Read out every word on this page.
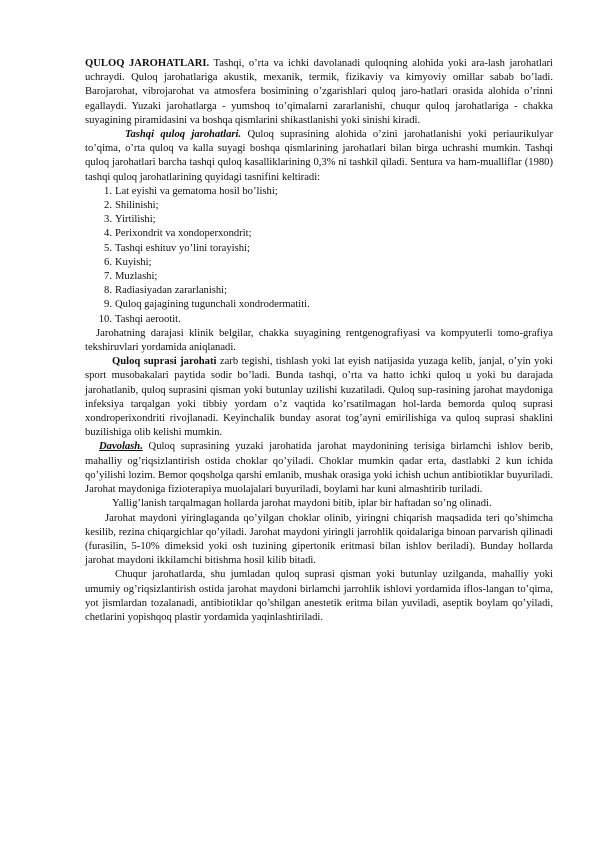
QULOQ JAROHATLARI. Tashqi, o’rta va ichki davolanadi quloqning alohida yoki ara-lash jarohatlari uchraydi. Quloq jarohatlariga akustik, mexanik, termik, fizikaviy va kimyoviy omillar sabab bo’ladi. Barojarohat, vibrojarohat va atmosfera bosimining o’zgarishlari quloq jaro-hatlari orasida alohida o’rinni egallaydi. Yuzaki jarohatlarga - yumshoq to’qimalarni zararlanishi, chuqur quloq jarohatlariga - chakka suyagining piramidasini va boshqa qismlarini shikastlanishi yoki sinishi kiradi.

Tashqi quloq jarohatlari. Quloq suprasining alohida o’zini jarohatlanishi yoki periaurikulyar to’qima, o’rta quloq va kalla suyagi boshqa qismlarining jarohatlari bilan birga uchrashi mumkin. Tashqi quloq jarohatlari barcha tashqi quloq kasalliklarining 0,3% ni tashkil qiladi. Sentura va ham-mualliflar (1980) tashqi quloq jarohatlarining quyidagi tasnifini keltiradi:

1. Lat eyishi va gematoma hosil bo’lishi;
2. Shilinishi;
3. Yirtilishi;
4. Perixondrit va xondoperxondrit;
5. Tashqi eshituv yo’lini torayishi;
6. Kuyishi;
7. Muzlashi;
8. Radiasiyadan zararlanishi;
9. Quloq gajagining tugunchali xondrodermatiti.
10. Tashqi aerootit.

Jarohatning darajasi klinik belgilar, chakka suyagining rentgenografiyasi va kompyuterli tomo-grafiya tekshiruvlari yordamida aniqlanadi.

Quloq suprasi jarohati zarb tegishi, tishlash yoki lat eyish natijasida yuzaga kelib, janjal, o’yin yoki sport musobakalari paytida sodir bo’ladi. Bunda tashqi, o’rta va hatto ichki quloq u yoki bu darajada jarohatlanib, quloq suprasini qisman yoki butunlay uzilishi kuzatiladi. Quloq sup-rasining jarohat maydoniga infeksiya tarqalgan yoki tibbiy yordam o’z vaqtida ko’rsatilmagan hol-larda bemorda quloq suprasi xondroperixondriti rivojlanadi. Keyinchalik bunday asorat tog’ayni emirilishiga va quloq suprasi shaklini buzilishiga olib kelishi mumkin.

Davolash. Quloq suprasining yuzaki jarohatida jarohat maydonining terisiga birlamchi ishlov berib, mahalliy og’riqsizlantirish ostida choklar qo’yiladi. Choklar mumkin qadar erta, dastlabki 2 kun ichida qo’yilishi lozim. Bemor qoqsholga qarshi emlanib, mushak orasiga yoki ichish uchun antibiotiklar buyuriladi. Jarohat maydoniga fizioterapiya muolajalari buyuriladi, boylami har kuni almashtirib turiladi.

Yallig’lanish tarqalmagan hollarda jarohat maydoni bitib, iplar bir haftadan so’ng olinadi.

Jarohat maydoni yiringlaganda qo’yilgan choklar olinib, yiringni chiqarish maqsadida teri qo’shimcha kesilib, rezina chiqargichlar qo’yiladi. Jarohat maydoni yiringli jarrohlik qoidalariga binoan parvarish qilinadi (furasilin, 5-10% dimeksid yoki osh tuzining gipertonik eritmasi bilan ishlov beriladi). Bunday hollarda jarohat maydoni ikkilamchi bitishma hosil kilib bitadi.

Chuqur jarohatlarda, shu jumladan quloq suprasi qisman yoki butunlay uzilganda, mahalliy yoki umumiy og’riqsizlantirish ostida jarohat maydoni birlamchi jarrohlik ishlovi yordamida iflos-langan to’qima, yot jismlardan tozalanadi, antibiotiklar qo’shilgan anestetik eritma bilan yuviladi, aseptik boylam qo’yiladi, chetlarini yopishqoq plastir yordamida yaqinlashtiriladi.
